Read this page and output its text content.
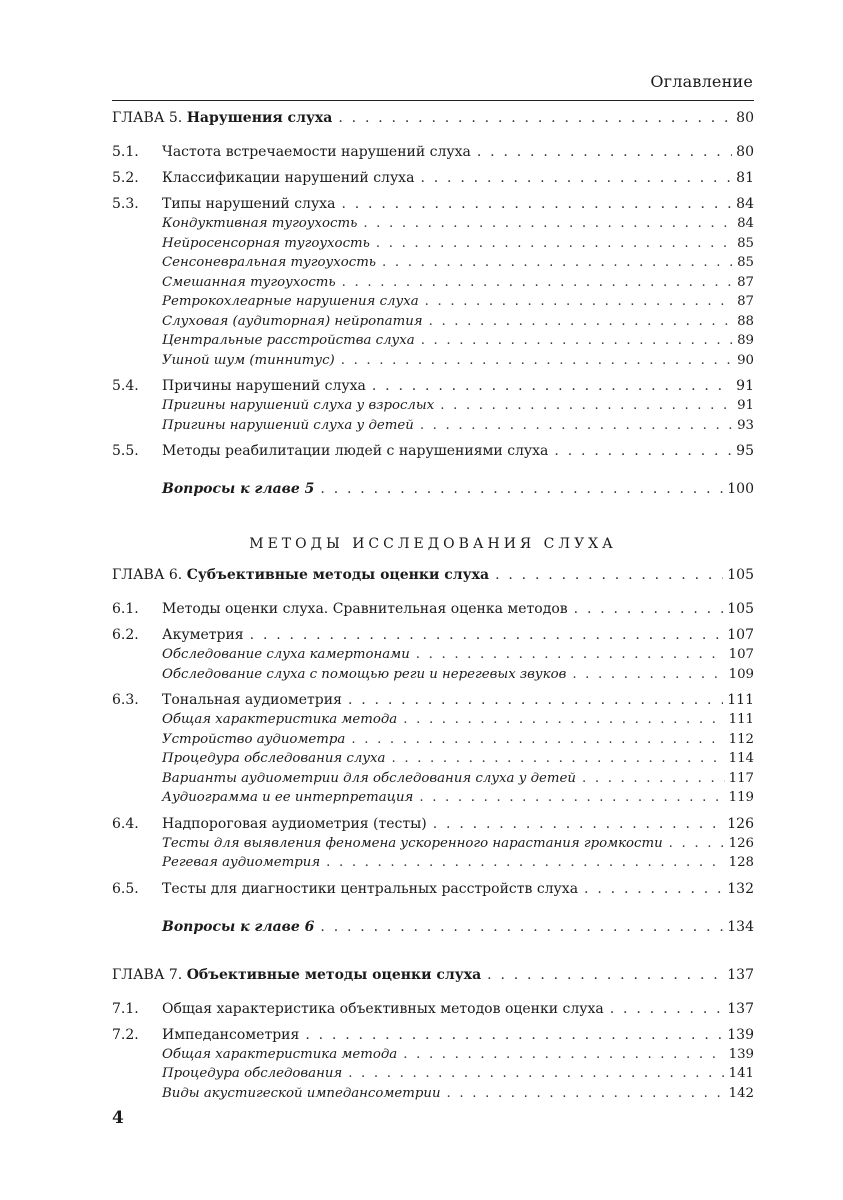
Оглавление
ГЛАВА 5. Нарушения слуха . . .	80
5.1.	Частота встречаемости нарушений слуха . . .	80
5.2.	Классификации нарушений слуха . . .	81
5.3.	Типы нарушений слуха . . .	84
Кондуктивная тугоухость . . .	84
Нейросенсорная тугоухость . . .	85
Сенсоневральная тугоухость . . .	85
Смешанная тугоухость . . .	87
Ретрокохлеарные нарушения слуха . . .	87
Слуховая (аудиторная) нейропатия . . .	88
Центральные расстройства слуха . . .	89
Ушной шум (тиннитус) . . .	90
5.4.	Причины нарушений слуха . . .	91
Пригины нарушений слуха у взрослых . . .	91
Пригины нарушений слуха у детей . . .	93
5.5.	Методы реабилитации людей с нарушениями слуха . . .	95
Вопросы к главе 5 . . .	100
МЕТОДЫ ИССЛЕДОВАНИЯ СЛУХА
ГЛАВА 6. Субъективные методы оценки слуха . . .	105
6.1.	Методы оценки слуха. Сравнительная оценка методов . . .	105
6.2.	Акуметрия . . .	107
Обследование слуха камертонами . . .	107
Обследование слуха с помощью реги и нерегевых звуков . . .	109
6.3.	Тональная аудиометрия . . .	111
Общая характеристика метода . . .	111
Устройство аудиометра . . .	112
Процедура обследования слуха . . .	114
Варианты аудиометрии для обследования слуха у детей . . .	117
Аудиограмма и ее интерпретация . . .	119
6.4.	Надпороговая аудиометрия (тесты) . . .	126
Тесты для выявления феномена ускоренного нарастания громкости . . .	126
Регевая аудиометрия . . .	128
6.5.	Тесты для диагностики центральных расстройств слуха . . .	132
Вопросы к главе 6 . . .	134
ГЛАВА 7. Объективные методы оценки слуха . . .	137
7.1.	Общая характеристика объективных методов оценки слуха . . .	137
7.2.	Импедансометрия . . .	139
Общая характеристика метода . . .	139
Процедура обследования . . .	141
Виды акустигеской импедансометрии . . .	142
4
